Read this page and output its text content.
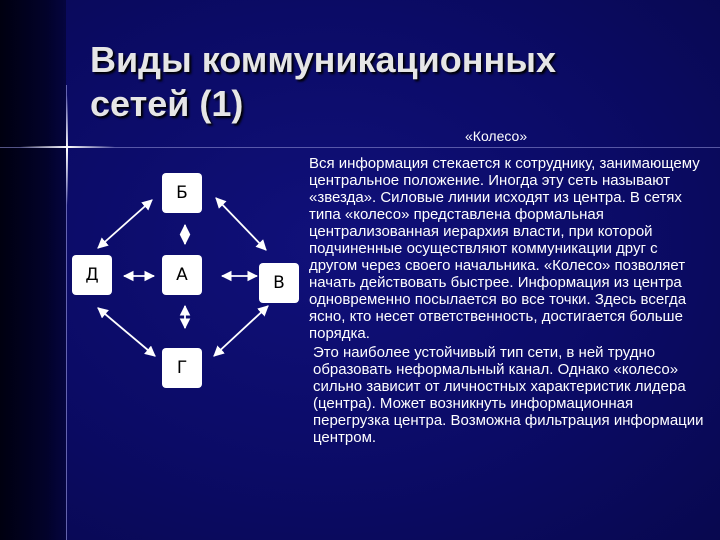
Виды коммуникационных
сетей (1)
Б
Д	А	В
Г

«Колесо»

Вся информация стекается к сотруднику, занимающему центральное положение. Иногда эту сеть называют «звезда». Силовые линии исходят из центра. В сетях типа «колесо» представлена формальная централизованная иерархия власти, при которой подчиненные осуществляют коммуникации друг с другом через своего начальника. «Колесо» позволяет начать действовать быстрее. Информация из центра одновременно посылается во все точки. Здесь всегда ясно, кто несет ответственность, достигается больше порядка.

Это наиболее устойчивый тип сети, в ней трудно образовать неформальный канал. Однако «колесо» сильно зависит от личностных характеристик лидера (центра). Может возникнуть информационная перегрузка центра. Возможна фильтрация информации центром.
